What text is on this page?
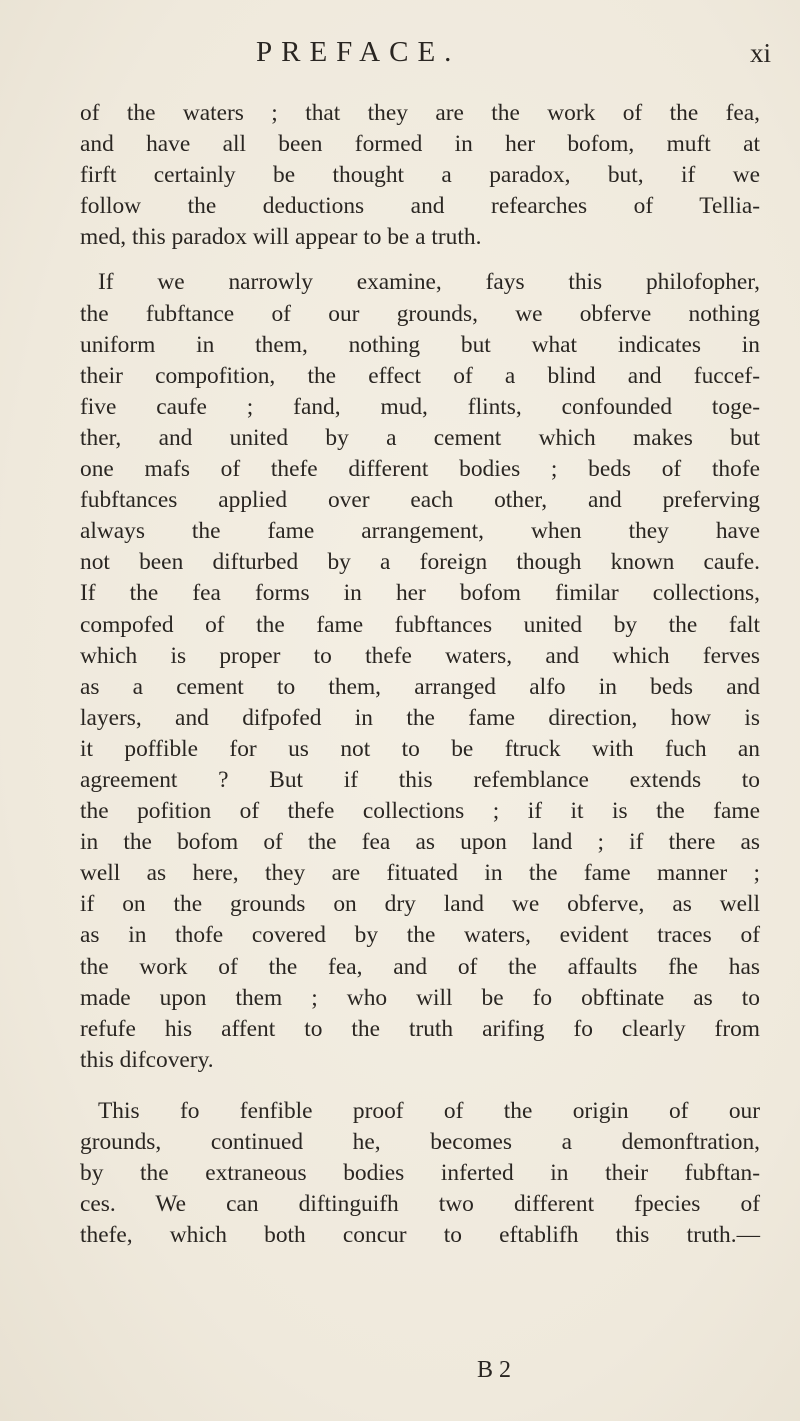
PREFACE.	xi
of the waters ; that they are the work of the fea,
and have all been formed in her bofom, muft at
firft certainly be thought a paradox, but, if we
follow the deductions and refearches of Tellia-
med, this paradox will appear to be a truth.
If we narrowly examine, fays this philofopher,
the fubftance of our grounds, we obferve nothing
uniform in them, nothing but what indicates in
their compofition, the effect of a blind and fuccef-
five caufe ; fand, mud, flints, confounded toge-
ther, and united by a cement which makes but
one mafs of thefe different bodies ; beds of thofe
fubftances applied over each other, and preferving
always the fame arrangement, when they have
not been difturbed by a foreign though known caufe.
If the fea forms in her bofom fimilar collections,
compofed of the fame fubftances united by the falt
which is proper to thefe waters, and which ferves
as a cement to them, arranged alfo in beds and
layers, and difpofed in the fame direction, how is
it poffible for us not to be ftruck with fuch an
agreement ? But if this refemblance extends to
the pofition of thefe collections ; if it is the fame
in the bofom of the fea as upon land ; if there as
well as here, they are fituated in the fame manner ;
if on the grounds on dry land we obferve, as well
as in thofe covered by the waters, evident traces of
the work of the fea, and of the affaults fhe has
made upon them ; who will be fo obftinate as to
refufe his affent to the truth arifing fo clearly from
this difcovery.
This fo fenfible proof of the origin of our
grounds, continued he, becomes a demonftration,
by the extraneous bodies inferted in their fubftan-
ces. We can diftinguifh two different fpecies of
thefe, which both concur to eftablifh this truth.—
B 2
